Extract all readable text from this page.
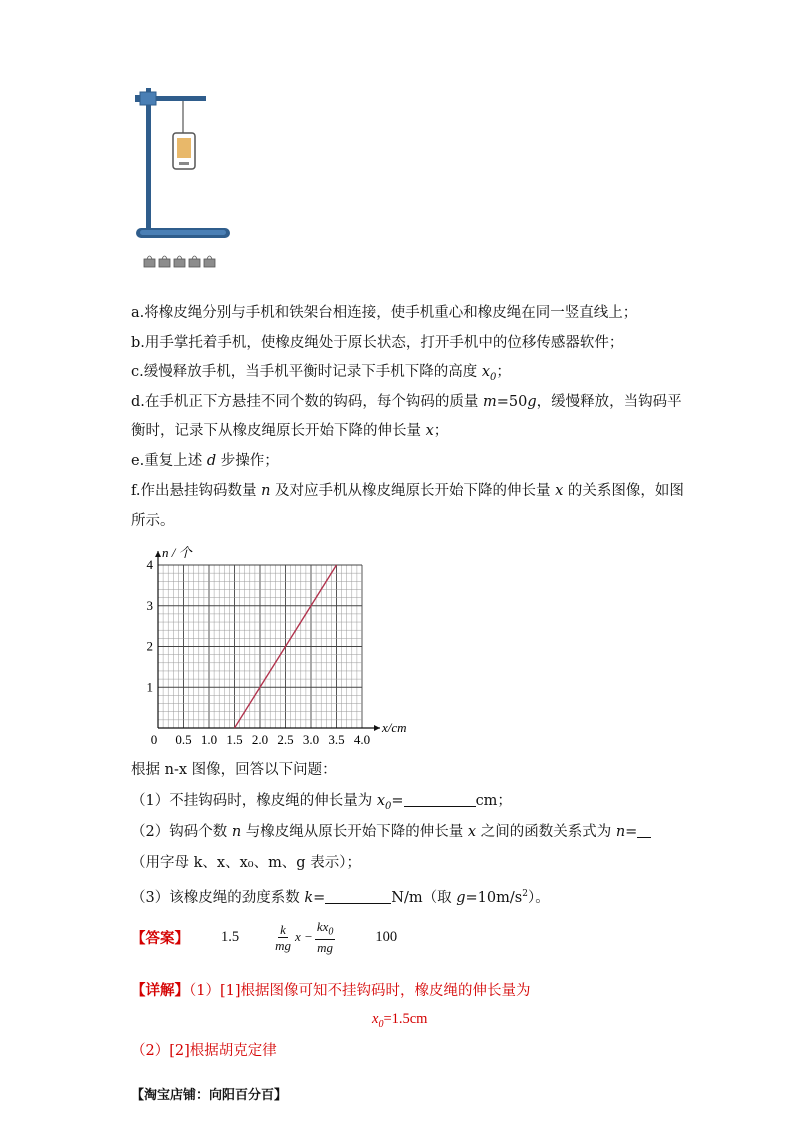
a.将橡皮绳分别与手机和铁架台相连接，使手机重心和橡皮绳在同一竖直线上；
b.用手掌托着手机，使橡皮绳处于原长状态，打开手机中的位移传感器软件；
c.缓慢释放手机，当手机平衡时记录下手机下降的高度 $x_0$；
d.在手机正下方悬挂不同个数的钩码，每个钩码的质量 m=50g，缓慢释放，当钩码平
衡时，记录下从橡皮绳原长开始下降的伸长量 x；
e.重复上述 d 步操作；
f.作出悬挂钩码数量 n 及对应手机从橡皮绳原长开始下降的伸长量 x 的关系图像，如图
所示。
0 0.5 1.0 1.5 2.0 2.5 3.0 3.5 4.0
1
2
3
4
x/cm
n / 个
根据 n-x 图像，回答以下问题：
（1）不挂钩码时，橡皮绳的伸长量为 $x_0=$	cm；
（2）钩码个数 n 与橡皮绳从原长开始下降的伸长量 x 之间的函数关系式为 n=
（用字母 k、x、x₀、m、g 表示）；
（3）该橡皮绳的劲度系数 k=	N/m（取 $g=10m/s^2$）。
【答案】 1.5	$\frac{k}{mg}$ $x - \frac{kx_0}{mg}$	100
【详解】（1）[1]根据图像可知不挂钩码时，橡皮绳的伸长量为
$x_0=1.5cm$
（2）[2]根据胡克定律
【淘宝店铺：向阳百分百】
